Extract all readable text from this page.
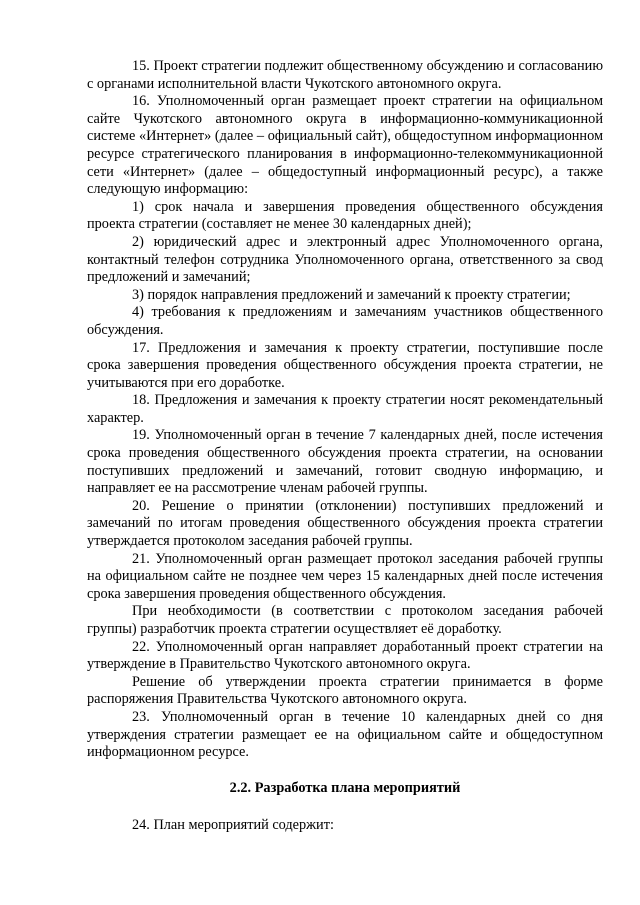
15. Проект стратегии подлежит общественному обсуждению и согласованию с органами исполнительной власти Чукотского автономного округа.

16. Уполномоченный орган размещает проект стратегии на официальном сайте Чукотского автономного округа в информационно-коммуникационной системе «Интернет» (далее – официальный сайт), общедоступном информационном ресурсе стратегического планирования в информационно-телекоммуникационной сети «Интернет» (далее – общедоступный информационный ресурс), а также следующую информацию:

1) срок начала и завершения проведения общественного обсуждения проекта стратегии (составляет не менее 30 календарных дней);

2) юридический адрес и электронный адрес Уполномоченного органа, контактный телефон сотрудника Уполномоченного органа, ответственного за свод предложений и замечаний;

3) порядок направления предложений и замечаний к проекту стратегии;

4) требования к предложениям и замечаниям участников общественного обсуждения.

17. Предложения и замечания к проекту стратегии, поступившие после срока завершения проведения общественного обсуждения проекта стратегии, не учитываются при его доработке.

18. Предложения и замечания к проекту стратегии носят рекомендательный характер.

19. Уполномоченный орган в течение 7 календарных дней, после истечения срока проведения общественного обсуждения проекта стратегии, на основании поступивших предложений и замечаний, готовит сводную информацию, и направляет ее на рассмотрение членам рабочей группы.

20. Решение о принятии (отклонении) поступивших предложений и замечаний по итогам проведения общественного обсуждения проекта стратегии утверждается протоколом заседания рабочей группы.

21. Уполномоченный орган размещает протокол заседания рабочей группы на официальном сайте не позднее чем через 15 календарных дней после истечения срока завершения проведения общественного обсуждения.

При необходимости (в соответствии с протоколом заседания рабочей группы) разработчик проекта стратегии осуществляет её доработку.

22. Уполномоченный орган направляет доработанный проект стратегии на утверждение в Правительство Чукотского автономного округа.

Решение об утверждении проекта стратегии принимается в форме распоряжения Правительства Чукотского автономного округа.

23. Уполномоченный орган в течение 10 календарных дней со дня утверждения стратегии размещает ее на официальном сайте и общедоступном информационном ресурсе.

2.2. Разработка плана мероприятий

24. План мероприятий содержит:
